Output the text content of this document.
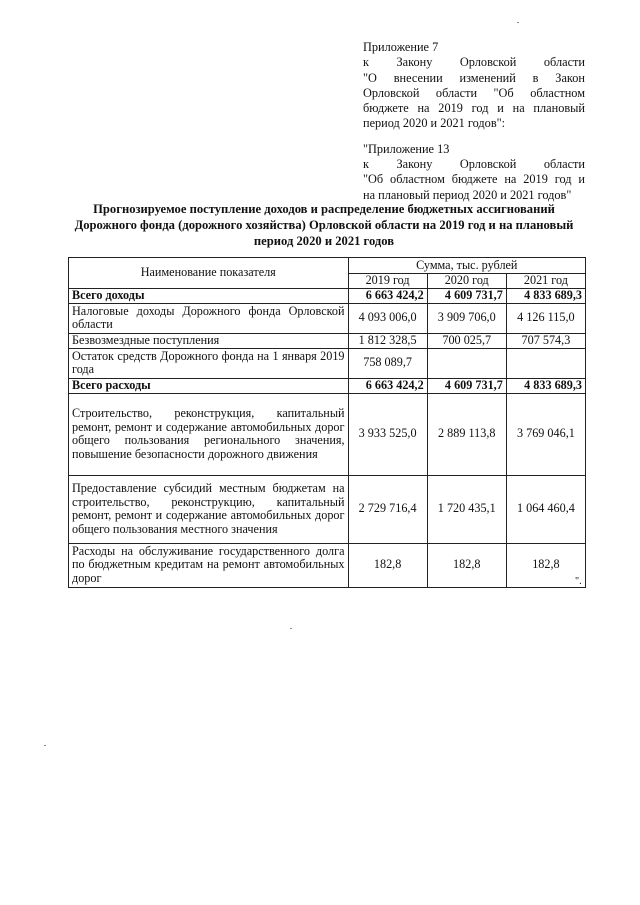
Приложение 7
к Закону Орловской области
"О внесении изменений в Закон
Орловской области "Об областном
бюджете на 2019 год и на плановый
период 2020 и 2021 годов":
"Приложение 13
к Закону Орловской области
"Об областном бюджете на 2019 год и
на плановый период 2020 и 2021 годов"
Прогнозируемое поступление доходов и распределение бюджетных ассигнований
Дорожного фонда (дорожного хозяйства) Орловской области на 2019 год и на плановый
период 2020 и 2021 годов
Наименование показателя	Сумма, тыс. рублей		
	2019 год	2020 год	2021 год
Всего доходы	6 663 424,2	4 609 731,7	4 833 689,3
Налоговые доходы Дорожного фонда Орловской области	4 093 006,0	3 909 706,0	4 126 115,0
Безвозмездные поступления	1 812 328,5	700 025,7	707 574,3
Остаток средств Дорожного фонда на 1 января 2019 года	758 089,7		
Всего расходы	6 663 424,2	4 609 731,7	4 833 689,3
Строительство, реконструкция, капитальный ремонт, ремонт и содержание автомобильных дорог общего пользования регионального значения, повышение безопасности дорожного движения	3 933 525,0	2 889 113,8	3 769 046,1
Предоставление субсидий местным бюджетам на строительство, реконструкцию, капитальный ремонт, ремонт и содержание автомобильных дорог общего пользования местного значения	2 729 716,4	1 720 435,1	1 064 460,4
Расходы на обслуживание государственного долга по бюджетным кредитам на ремонт автомобильных дорог	182,8	182,8	182,8
".
